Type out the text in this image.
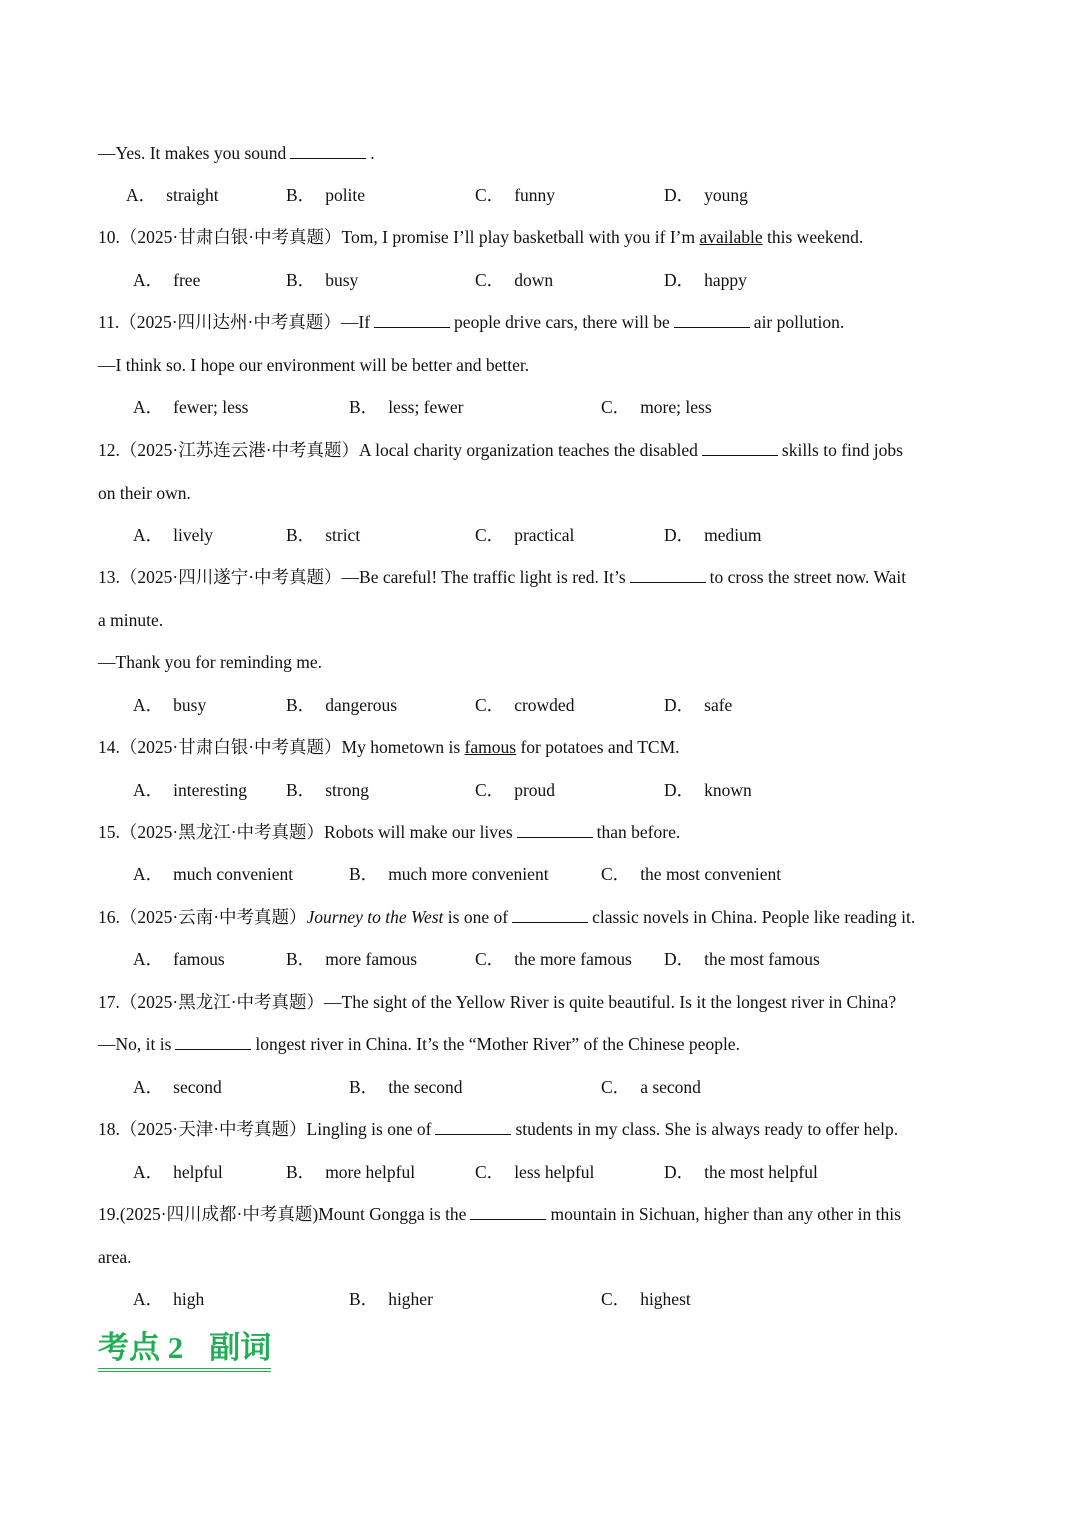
—Yes. It makes you sound	.
A． straight	B． polite	C． funny	D． young
10.（2025·甘肃白银·中考真题）Tom, I promise I’ll play basketball with you if I’m available this weekend.
A． free	B． busy	C． down	D． happy
11.（2025·四川达州·中考真题）—If	people drive cars, there will be	air pollution.
—I think so. I hope our environment will be better and better.
A． fewer; less	B． less; fewer	C． more; less
12.（2025·江苏连云港·中考真题）A local charity organization teaches the disabled	skills to find jobs
on their own.
A． lively	B． strict	C． practical	D． medium
13.（2025·四川遂宁·中考真题）—Be careful! The traffic light is red. It’s	to cross the street now. Wait
a minute.
—Thank you for reminding me.
A． busy	B． dangerous	C． crowded	D． safe
14.（2025·甘肃白银·中考真题）My hometown is famous for potatoes and TCM.
A． interesting B． strong	C． proud	D． known
15.（2025·黑龙江·中考真题）Robots will make our lives	than before.
A． much convenient	B． much more convenient	C． the most convenient
16.（2025·云南·中考真题）Journey to the West is one of	classic novels in China. People like reading it.
A． famous	B． more famous	C． the more famous D． the most famous
17.（2025·黑龙江·中考真题）—The sight of the Yellow River is quite beautiful. Is it the longest river in China?
—No, it is	longest river in China. It’s the “Mother River” of the Chinese people.
A． second	B． the second	C． a second
18.（2025·天津·中考真题）Lingling is one of	students in my class. She is always ready to offer help.
A． helpful	B． more helpful	C． less helpful	D． the most helpful
19.(2025·四川成都·中考真题)Mount Gongga is the	mountain in Sichuan, higher than any other in this
area.
A． high	B． higher	C． highest
考点 2 副词
